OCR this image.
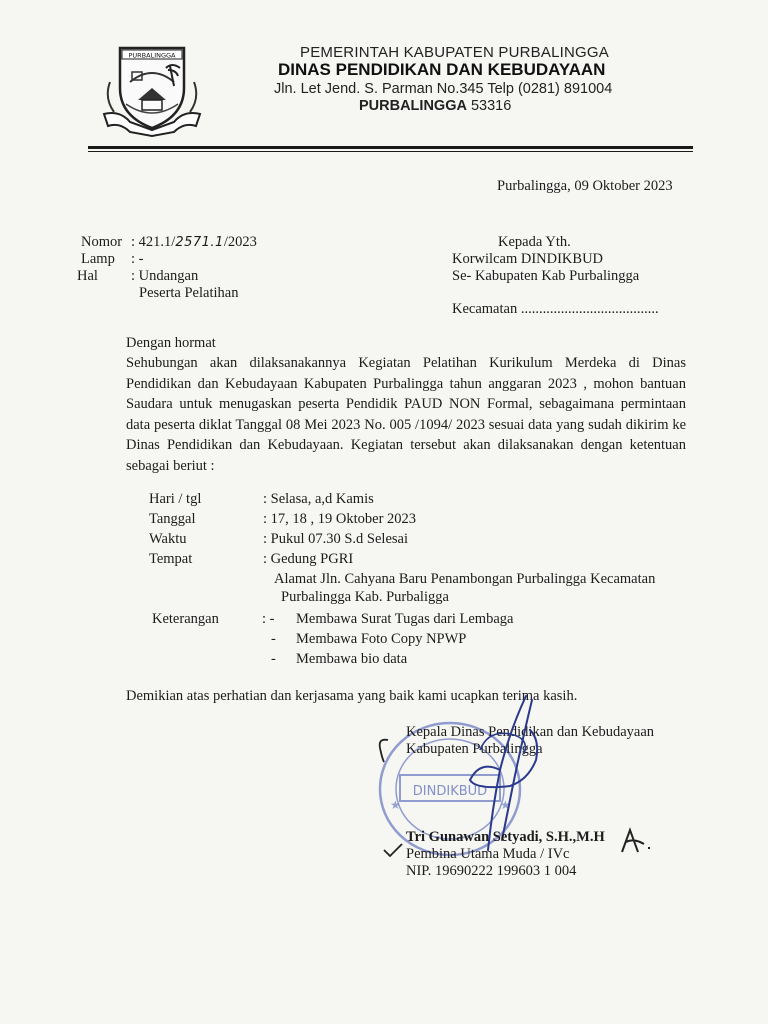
PURBALINGGA	PEMERINTAH KABUPATEN PURBALINGGA
DINAS PENDIDIKAN DAN KEBUDAYAAN
Jln. Let Jend. S. Parman No.345 Telp (0281) 891004
PURBALINGGA 53316
Purbalingga, 09 Oktober 2023
Nomor : 421.1/2571.1/2023
Lamp : -
Hal : Undangan
Peserta Pelatihan
Kepada Yth.
Korwilcam DINDIKBUD
Se- Kabupaten Kab Purbalingga
Kecamatan ......................................
Dengan hormat
Sehubungan akan dilaksanakannya Kegiatan Pelatihan Kurikulum Merdeka di Dinas Pendidikan dan Kebudayaan Kabupaten Purbalingga tahun anggaran 2023 , mohon bantuan Saudara untuk menugaskan peserta Pendidik PAUD NON Formal, sebagaimana permintaan data peserta diklat Tanggal 08 Mei 2023 No. 005 /1094/ 2023 sesuai data yang sudah dikirim ke Dinas Pendidikan dan Kebudayaan. Kegiatan tersebut akan dilaksanakan dengan ketentuan sebagai beriut :
Hari / tgl	: Selasa, a,d Kamis
Tanggal	: 17, 18 , 19 Oktober 2023
Waktu	: Pukul 07.30 S.d Selesai
Tempat	: Gedung PGRI
Alamat Jln. Cahyana Baru Penambongan Purbalingga Kecamatan
Purbalingga Kab. Purbaligga
Keterangan	: - Membawa Surat Tugas dari Lembaga
- Membawa Foto Copy NPWP
- Membawa bio data
Demikian atas perhatian dan kerjasama yang baik kami ucapkan terima kasih.
DINDIKBUD
★	★
Kepala Dinas Pendidikan dan Kebudayaan
Kabupaten Purbalingga
Tri Gunawan Setyadi, S.H.,M.H
Pembina Utama Muda / IVc
NIP. 19690222 199603 1 004
